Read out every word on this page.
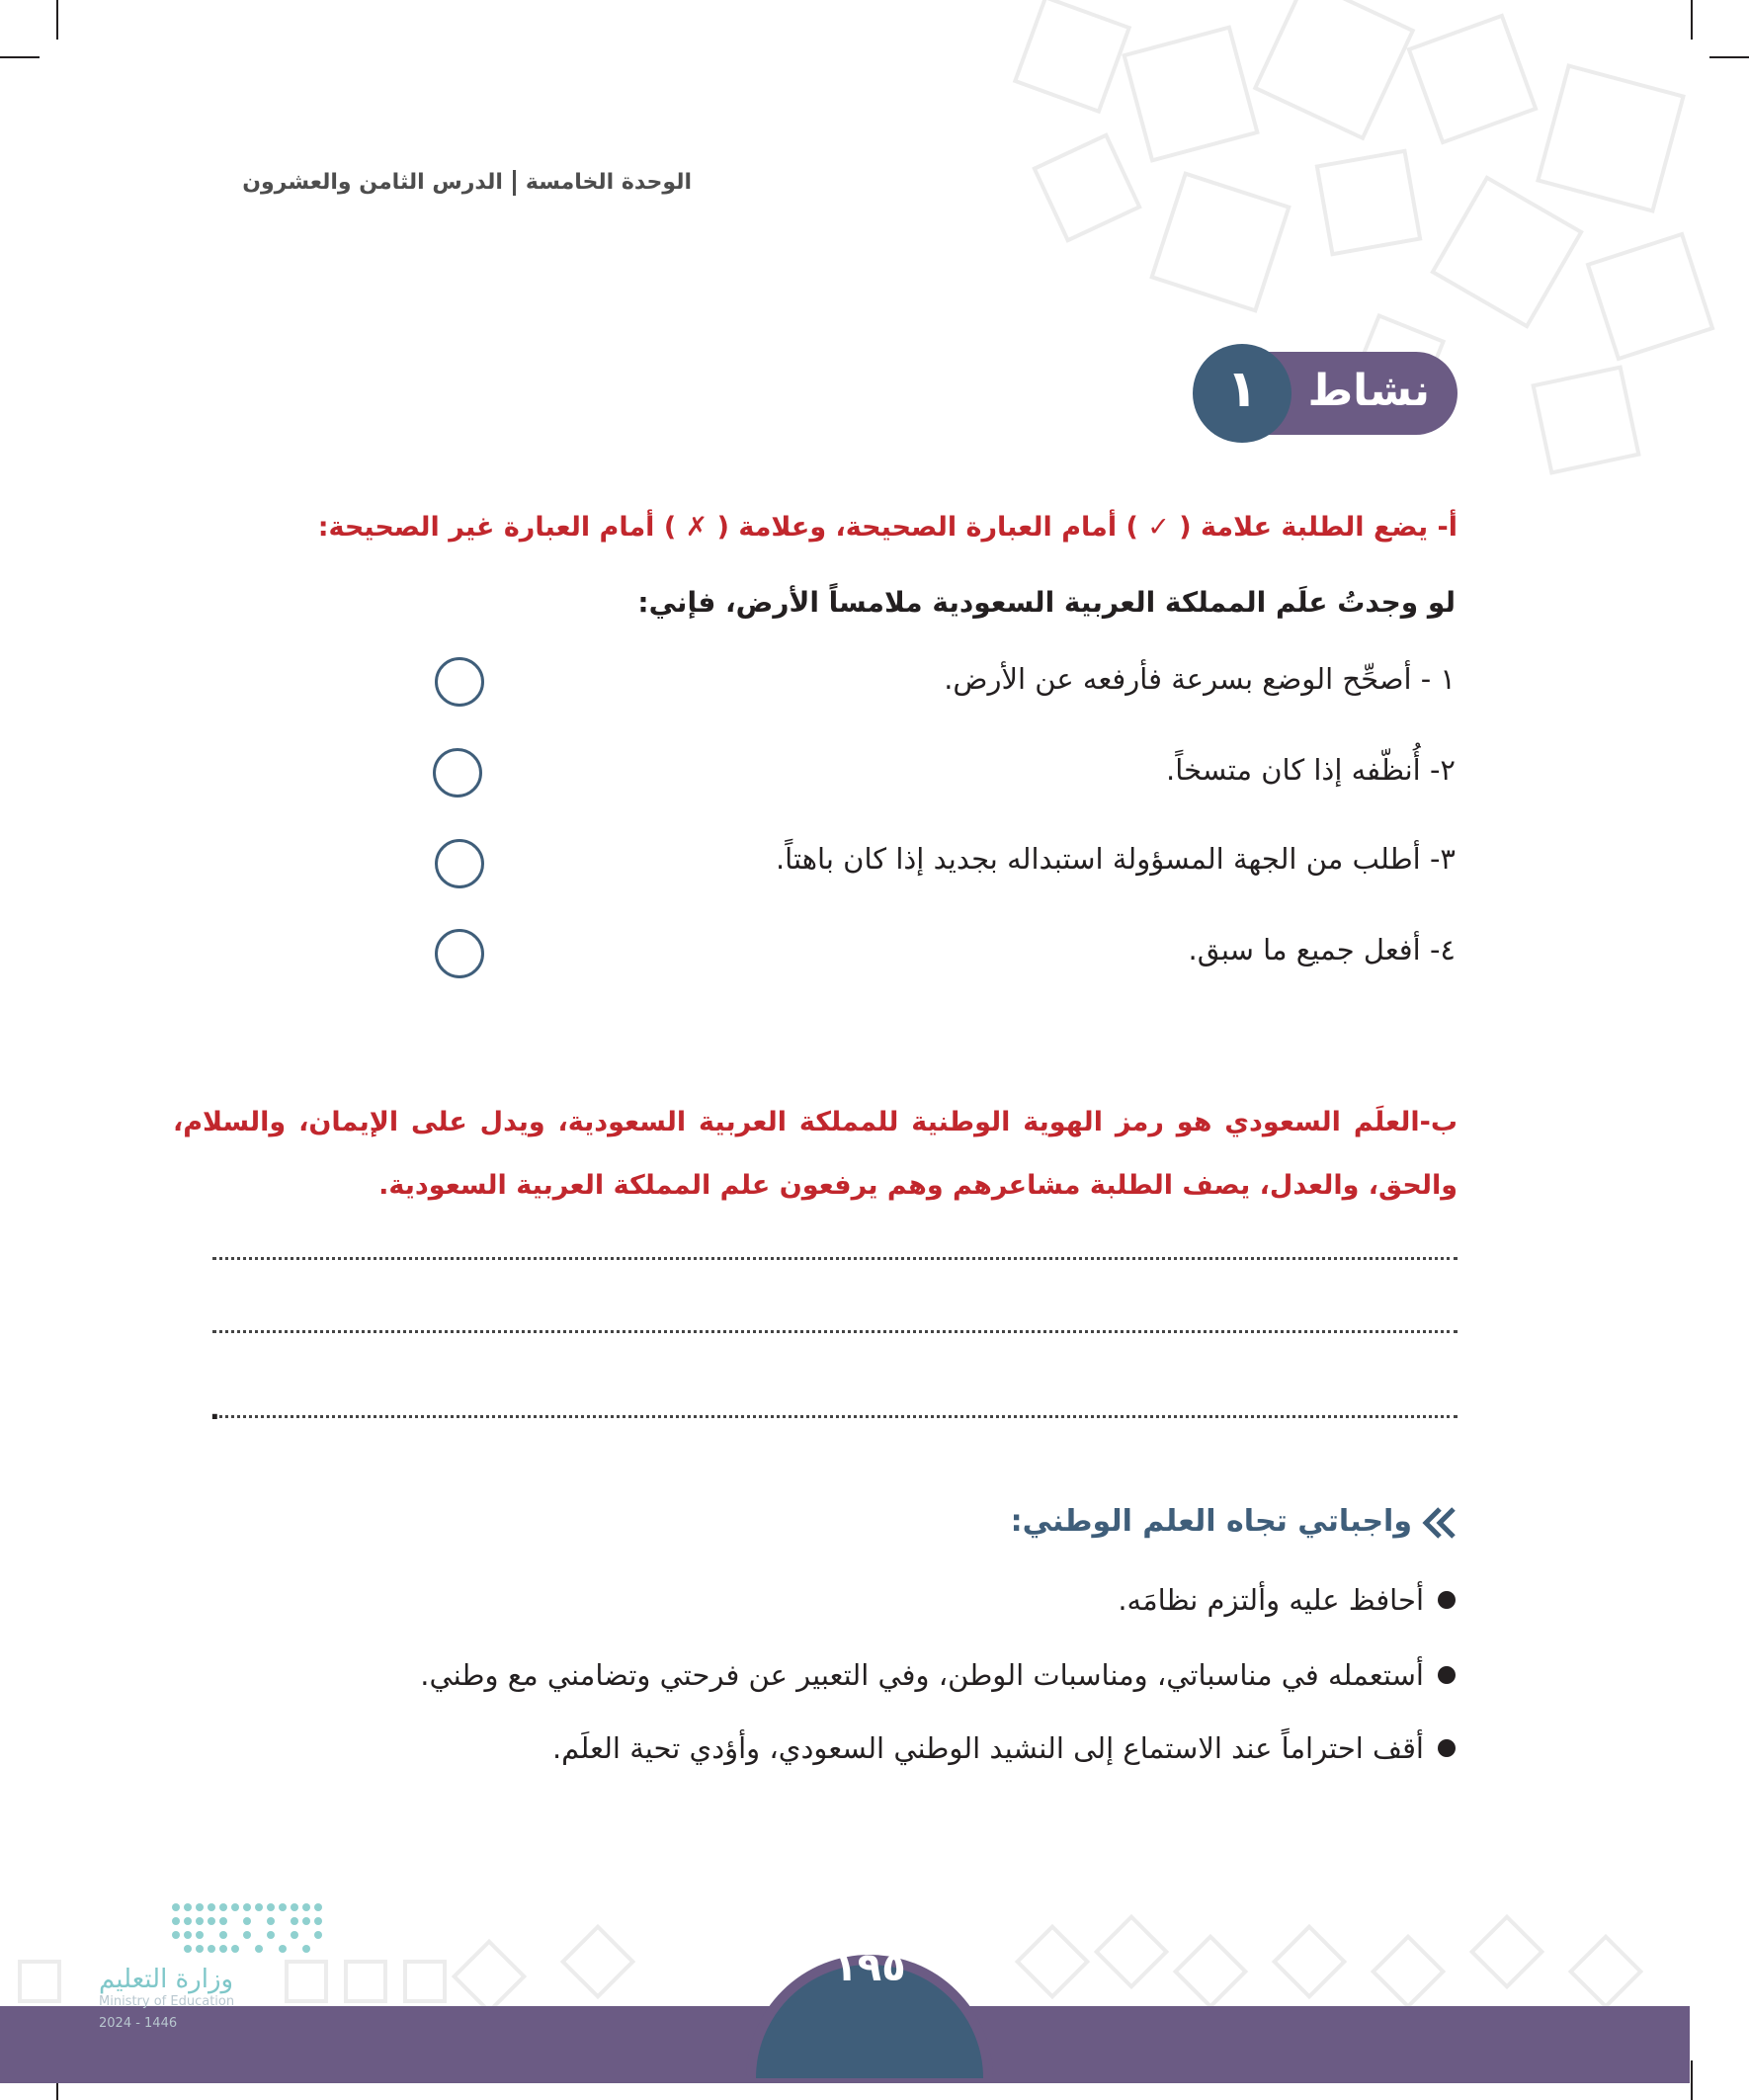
الوحدة الخامسةالدرس الثامن والعشرون
نشاط
١
أ- يضع الطلبة علامة ( ✓ ) أمام العبارة الصحيحة، وعلامة ( ✗ ) أمام العبارة غير الصحيحة:
لو وجدتُ علَم المملكة العربية السعودية ملامساً الأرض، فإني:
١ - أصحِّح الوضع بسرعة فأرفعه عن الأرض.
٢- أُنظّفه إذا كان متسخاً.
٣- أطلب من الجهة المسؤولة استبداله بجديد إذا كان باهتاً.
٤- أفعل جميع ما سبق.
ب-العلَم السعودي هو رمز الهوية الوطنية للمملكة العربية السعودية، ويدل على الإيمان، والسلام، والحق، والعدل، يصف الطلبة مشاعرهم وهم يرفعون علم المملكة العربية السعودية.
.
واجباتي تجاه العلم الوطني:
أحافظ عليه وألتزم نظامَه.
أستعمله في مناسباتي، ومناسبات الوطن، وفي التعبير عن فرحتي وتضامني مع وطني.
أقف احتراماً عند الاستماع إلى النشيد الوطني السعودي، وأؤدي تحية العلَم.
١٩٥
وزارة التعليم
Ministry of Education
2024 - 1446
